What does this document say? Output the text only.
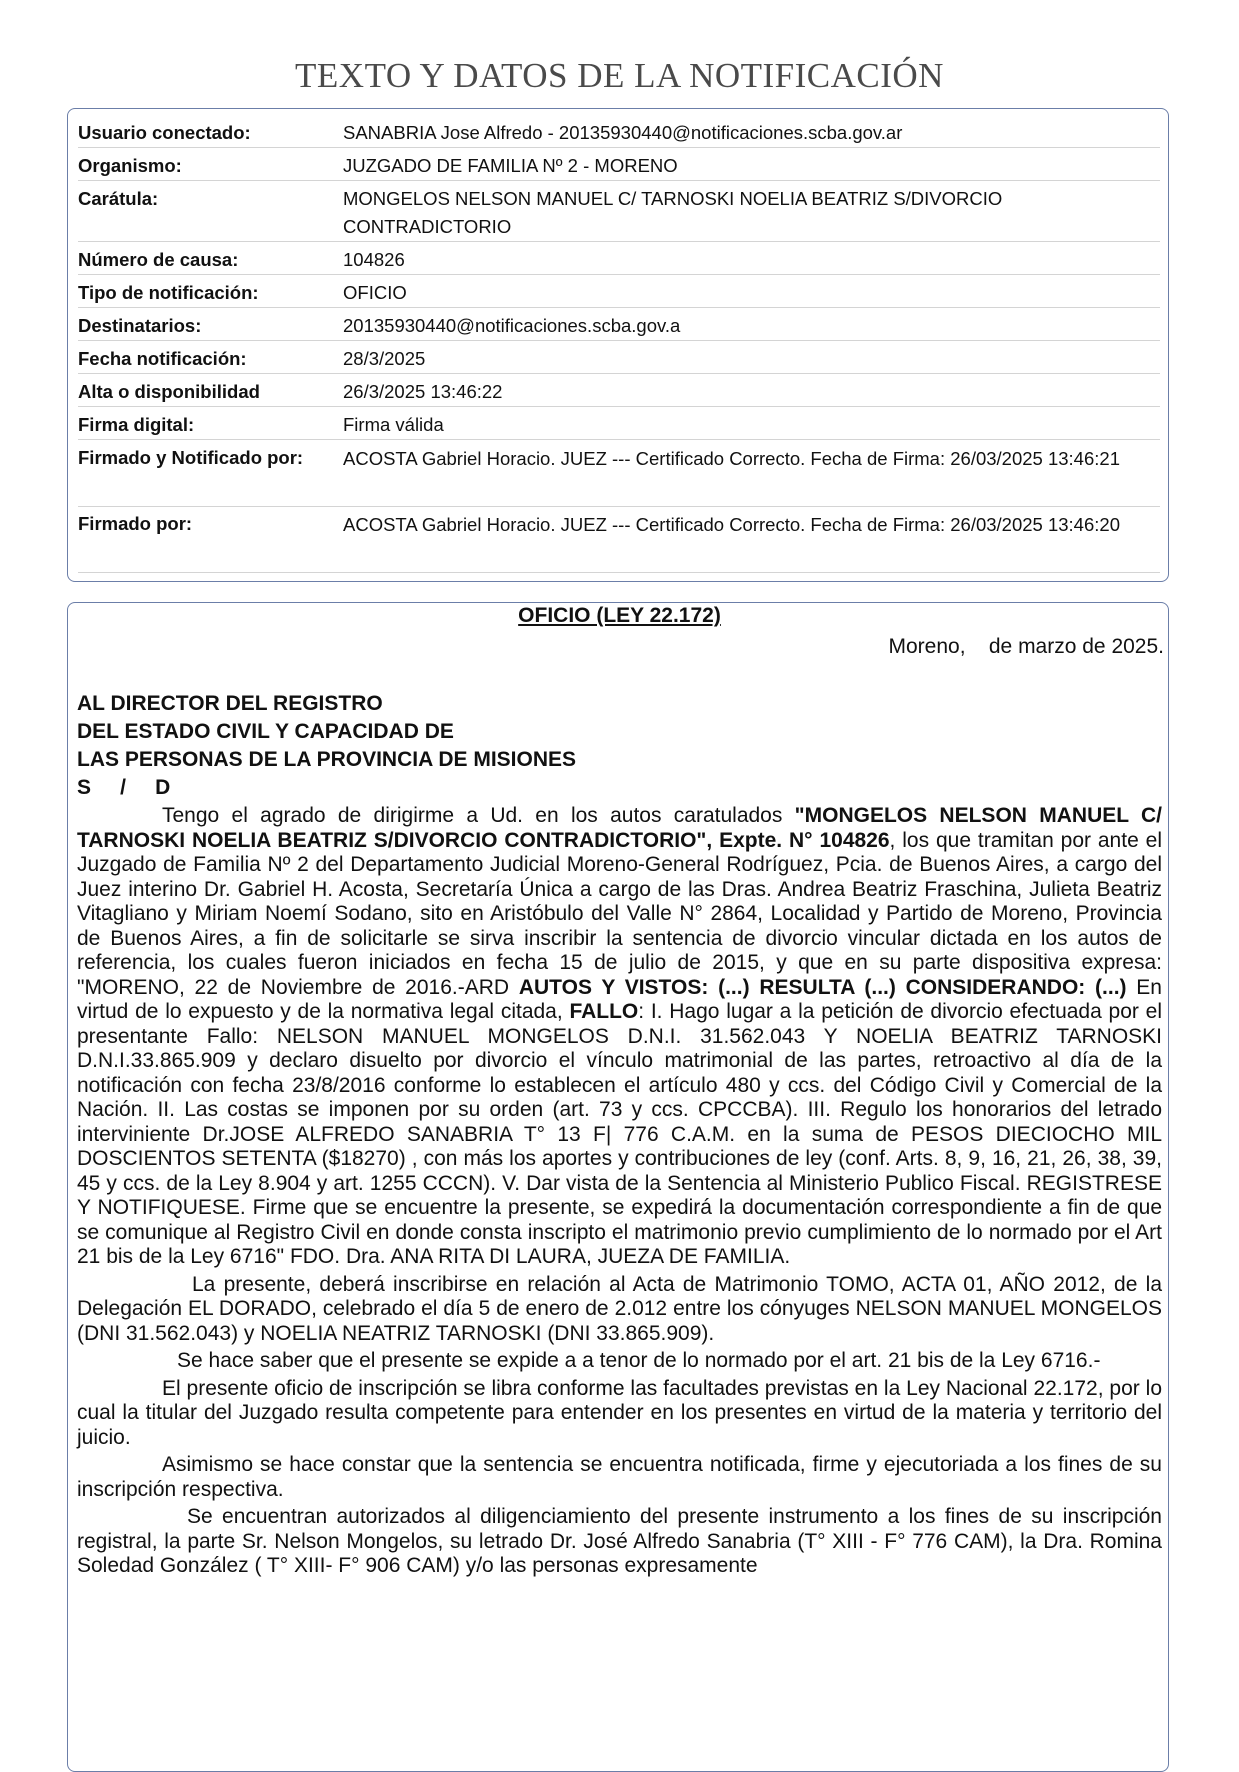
TEXTO Y DATOS DE LA NOTIFICACIÓN
Usuario conectado:	SANABRIA Jose Alfredo - 20135930440@notificaciones.scba.gov.ar
Organismo:	JUZGADO DE FAMILIA Nº 2 - MORENO
Carátula:	MONGELOS NELSON MANUEL C/ TARNOSKI NOELIA BEATRIZ S/DIVORCIO CONTRADICTORIO
Número de causa:	104826
Tipo de notificación:	OFICIO
Destinatarios:	20135930440@notificaciones.scba.gov.a
Fecha notificación:	28/3/2025
Alta o disponibilidad	26/3/2025 13:46:22
Firma digital:	Firma válida
Firmado y Notificado por: ACOSTA Gabriel Horacio. JUEZ --- Certificado Correcto. Fecha de Firma: 26/03/2025 13:46:21
Firmado por:	ACOSTA Gabriel Horacio. JUEZ --- Certificado Correcto. Fecha de Firma: 26/03/2025 13:46:20
OFICIO (LEY 22.172)
Moreno,    de marzo de 2025.
AL DIRECTOR DEL REGISTRO
DEL ESTADO CIVIL Y CAPACIDAD DE
LAS PERSONAS DE LA PROVINCIA DE MISIONES
S     /     D

Tengo el agrado de dirigirme a Ud. en los autos caratulados "MONGELOS NELSON MANUEL C/ TARNOSKI NOELIA BEATRIZ S/DIVORCIO CONTRADICTORIO", Expte. N° 104826, los que tramitan por ante el Juzgado de Familia Nº 2 del Departamento Judicial Moreno-General Rodríguez, Pcia. de Buenos Aires, a cargo del Juez interino Dr. Gabriel H. Acosta, Secretaría Única a cargo de las Dras. Andrea Beatriz Fraschina, Julieta Beatriz Vitagliano y Miriam Noemí Sodano, sito en Aristóbulo del Valle N° 2864, Localidad y Partido de Moreno, Provincia de Buenos Aires, a fin de solicitarle se sirva inscribir la sentencia de divorcio vincular dictada en los autos de referencia, los cuales fueron iniciados en fecha 15 de julio de 2015, y que en su parte dispositiva expresa: "MORENO, 22 de Noviembre de 2016.-ARD AUTOS Y VISTOS: (...) RESULTA (...) CONSIDERANDO: (...) En virtud de lo expuesto y de la normativa legal citada, FALLO: I. Hago lugar a la petición de divorcio efectuada por el presentante Fallo: NELSON MANUEL MONGELOS D.N.I. 31.562.043 Y NOELIA BEATRIZ TARNOSKI D.N.I.33.865.909 y declaro disuelto por divorcio el vínculo matrimonial de las partes, retroactivo al día de la notificación con fecha 23/8/2016 conforme lo establecen el artículo 480 y ccs. del Código Civil y Comercial de la Nación. II. Las costas se imponen por su orden (art. 73 y ccs. CPCCBA). III. Regulo los honorarios del letrado interviniente Dr.JOSE ALFREDO SANABRIA T° 13 F| 776 C.A.M. en la suma de PESOS DIECIOCHO MIL DOSCIENTOS SETENTA ($18270) , con más los aportes y contribuciones de ley (conf. Arts. 8, 9, 16, 21, 26, 38, 39, 45 y ccs. de la Ley 8.904 y art. 1255 CCCN). V. Dar vista de la Sentencia al Ministerio Publico Fiscal. REGISTRESE Y NOTIFIQUESE. Firme que se encuentre la presente, se expedirá la documentación correspondiente a fin de que se comunique al Registro Civil en donde consta inscripto el matrimonio previo cumplimiento de lo normado por el Art 21 bis de la Ley 6716" FDO. Dra. ANA RITA DI LAURA, JUEZA DE FAMILIA.

La presente, deberá inscribirse en relación al Acta de Matrimonio TOMO, ACTA 01, AÑO 2012, de la Delegación EL DORADO, celebrado el día 5 de enero de 2.012 entre los cónyuges NELSON MANUEL MONGELOS (DNI 31.562.043) y NOELIA NEATRIZ TARNOSKI (DNI 33.865.909).

Se hace saber que el presente se expide a a tenor de lo normado por el art. 21 bis de la Ley 6716.-

El presente oficio de inscripción se libra conforme las facultades previstas en la Ley Nacional 22.172, por lo cual la titular del Juzgado resulta competente para entender en los presentes en virtud de la materia y territorio del juicio.

Asimismo se hace constar que la sentencia se encuentra notificada, firme y ejecutoriada a los fines de su inscripción respectiva.

Se encuentran autorizados al diligenciamiento del presente instrumento a los fines de su inscripción registral, la parte Sr. Nelson Mongelos, su letrado Dr. José Alfredo Sanabria (T° XIII - F° 776 CAM), la Dra. Romina Soledad González ( T° XIII- F° 906 CAM) y/o las personas expresamente
